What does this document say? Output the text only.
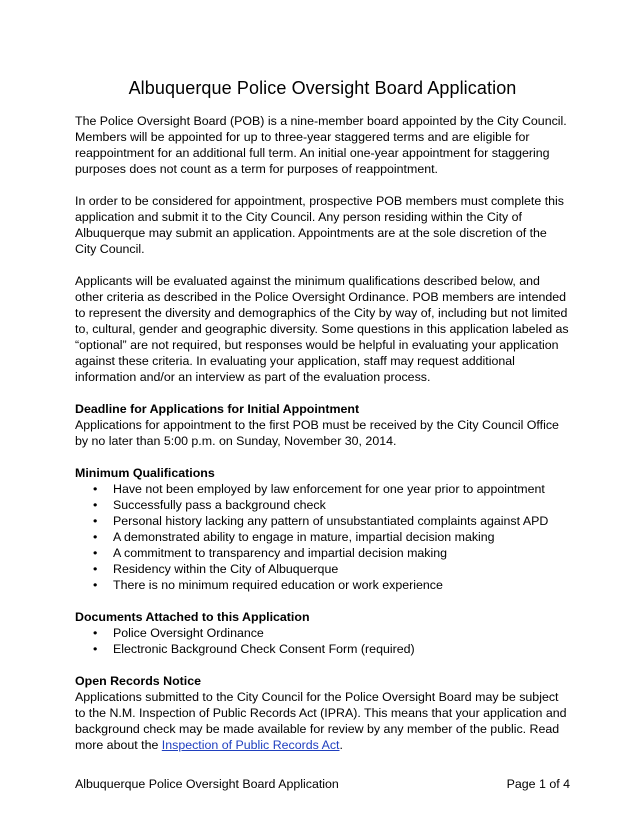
Albuquerque Police Oversight Board Application

The Police Oversight Board (POB) is a nine-member board appointed by the City Council. Members will be appointed for up to three-year staggered terms and are eligible for reappointment for an additional full term. An initial one-year appointment for staggering purposes does not count as a term for purposes of reappointment.

In order to be considered for appointment, prospective POB members must complete this application and submit it to the City Council. Any person residing within the City of Albuquerque may submit an application. Appointments are at the sole discretion of the City Council.

Applicants will be evaluated against the minimum qualifications described below, and other criteria as described in the Police Oversight Ordinance. POB members are intended to represent the diversity and demographics of the City by way of, including but not limited to, cultural, gender and geographic diversity. Some questions in this application labeled as “optional” are not required, but responses would be helpful in evaluating your application against these criteria. In evaluating your application, staff may request additional information and/or an interview as part of the evaluation process.

Deadline for Applications for Initial Appointment

Applications for appointment to the first POB must be received by the City Council Office by no later than 5:00 p.m. on Sunday, November 30, 2014.

Minimum Qualifications
• Have not been employed by law enforcement for one year prior to appointment
• Successfully pass a background check
• Personal history lacking any pattern of unsubstantiated complaints against APD
• A demonstrated ability to engage in mature, impartial decision making
• A commitment to transparency and impartial decision making
• Residency within the City of Albuquerque
• There is no minimum required education or work experience
Documents Attached to this Application
• Police Oversight Ordinance
• Electronic Background Check Consent Form (required)
Open Records Notice

Applications submitted to the City Council for the Police Oversight Board may be subject to the N.M. Inspection of Public Records Act (IPRA). This means that your application and background check may be made available for review by any member of the public. Read more about the Inspection of Public Records Act.

Albuquerque Police Oversight Board Application	Page 1 of 4
